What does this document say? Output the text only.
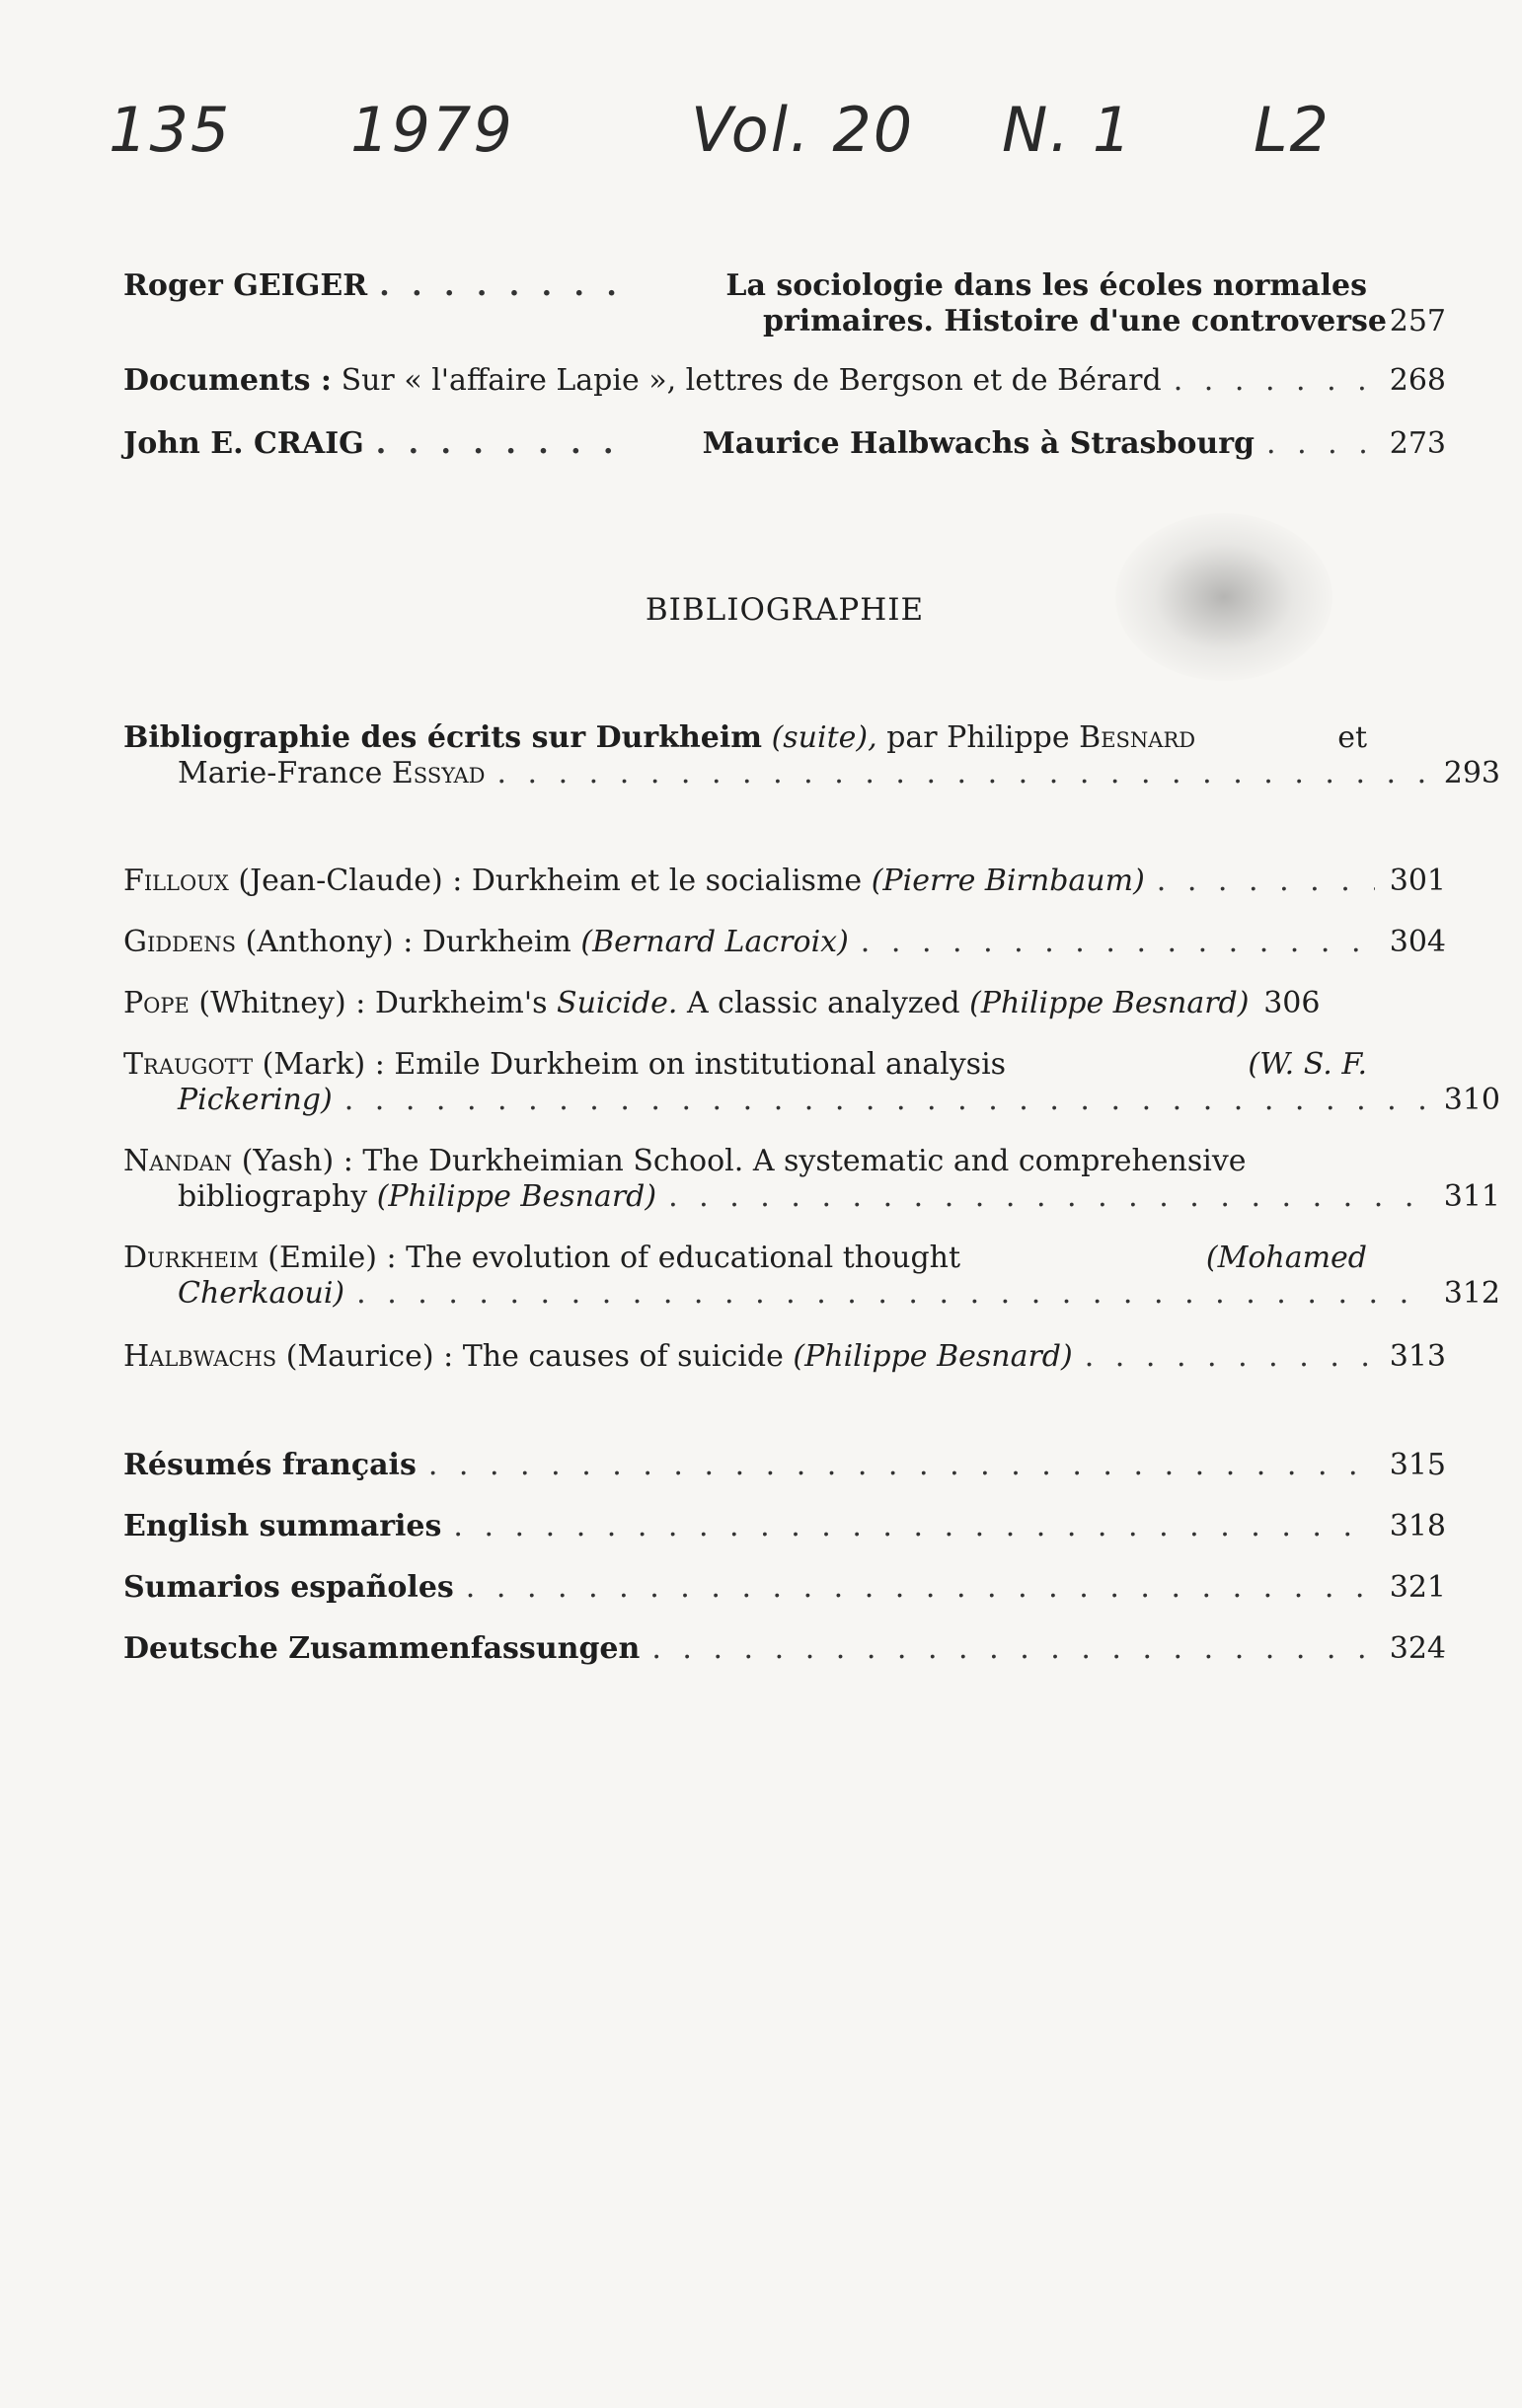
135 1979	Vol. 20 N. 1 L2
Roger GEIGER . . .	La sociologie dans les écoles normales
primaires. Histoire d'une controverse 257
Documents : Sur « l'affaire Lapie », lettres de Bergson et de Bérard . . .	268
John E. CRAIG . . .	Maurice Halbwachs à Strasbourg . . .	273
BIBLIOGRAPHIE
Bibliographie des écrits sur Durkheim (suite), par Philippe Besnard	et
Marie-France Essyad . . .	293
Filloux (Jean-Claude) : Durkheim et le socialisme (Pierre Birnbaum) . . .	301
Giddens (Anthony) : Durkheim (Bernard Lacroix) . . .	304
Pope (Whitney) : Durkheim's Suicide. A classic analyzed (Philippe Besnard) 306
Traugott (Mark) : Emile Durkheim on institutional analysis	(W. S. F.
Pickering) . . .	310
Nandan (Yash) : The Durkheimian School. A systematic and comprehensive
bibliography (Philippe Besnard) . . .	311
Durkheim (Emile) : The evolution of educational thought	(Mohamed
Cherkaoui) . . .	312
Halbwachs (Maurice) : The causes of suicide (Philippe Besnard) . . .	313
Résumés français . . .	315
English summaries . . .	318
Sumarios españoles . . .	321
Deutsche Zusammenfassungen . . .	324
